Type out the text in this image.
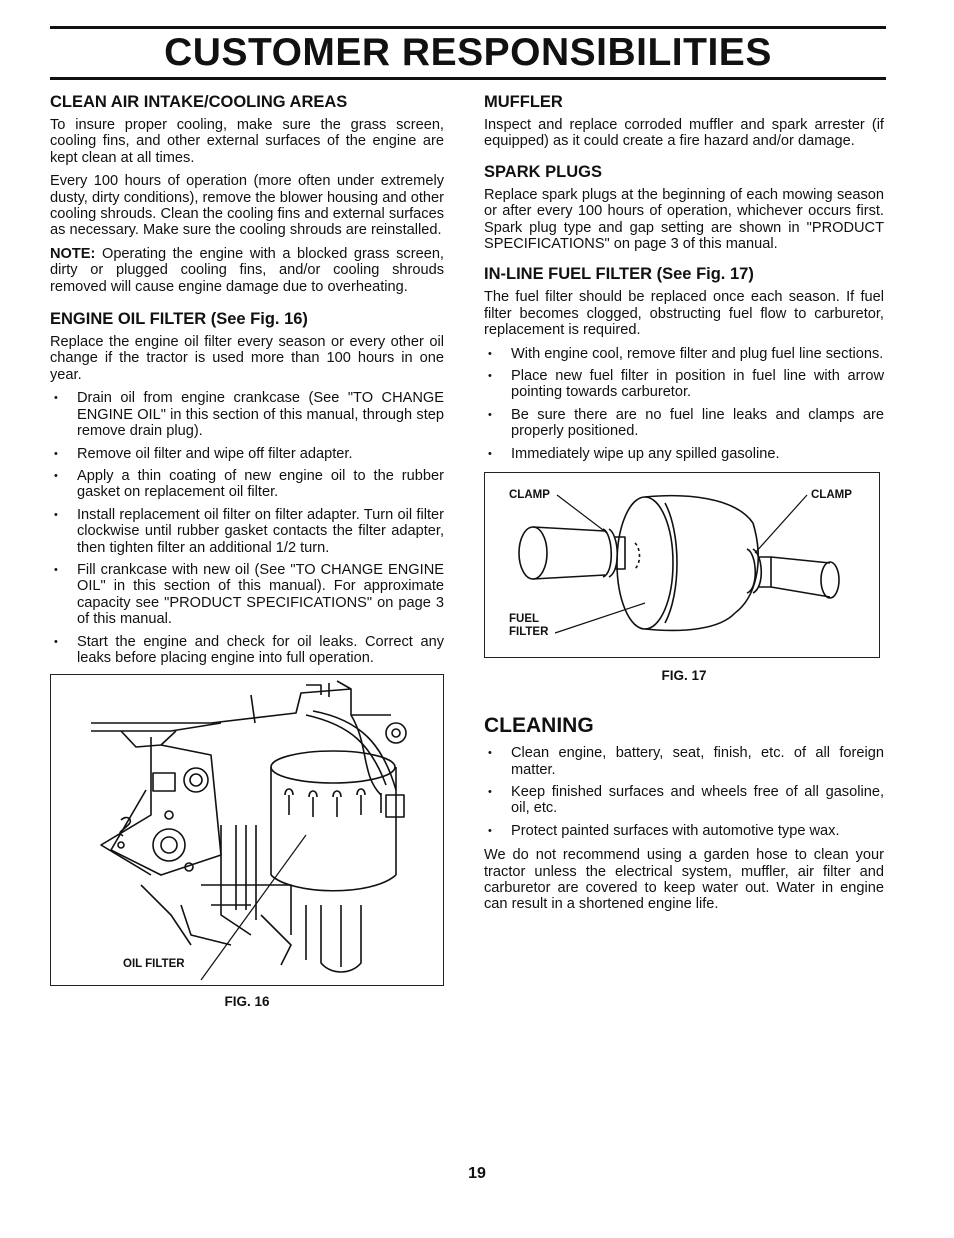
CUSTOMER RESPONSIBILITIES
CLEAN AIR INTAKE/COOLING AREAS

To insure proper cooling, make sure the grass screen, cooling fins, and other external surfaces of the engine are kept clean at all times.

Every 100 hours of operation (more often under extremely dusty, dirty conditions), remove the blower housing and other cooling shrouds. Clean the cooling fins and external surfaces as necessary. Make sure the cooling shrouds are reinstalled.

NOTE: Operating the engine with a blocked grass screen, dirty or plugged cooling fins, and/or cooling shrouds removed will cause engine damage due to overheating.

ENGINE OIL FILTER (See Fig. 16)

Replace the engine oil filter every season or every other oil change if the tractor is used more than 100 hours in one year.

• Drain oil from engine crankcase (See "TO CHANGE ENGINE OIL" in this section of this manual, through step remove drain plug).
• Remove oil filter and wipe off filter adapter.
• Apply a thin coating of new engine oil to the rubber gasket on replacement oil filter.
• Install replacement oil filter on filter adapter. Turn oil filter clockwise until rubber gasket contacts the filter adapter, then tighten filter an additional 1/2 turn.
• Fill crankcase with new oil (See "TO CHANGE ENGINE OIL" in this section of this manual). For approximate capacity see "PRODUCT SPECIFICATIONS" on page 3 of this manual.
• Start the engine and check for oil leaks. Correct any leaks before placing engine into full operation.
OIL FILTER
FIG. 16
MUFFLER

Inspect and replace corroded muffler and spark arrester (if equipped) as it could create a fire hazard and/or damage.

SPARK PLUGS

Replace spark plugs at the beginning of each mowing season or after every 100 hours of operation, whichever occurs first. Spark plug type and gap setting are shown in "PRODUCT SPECIFICATIONS" on page 3 of this manual.

IN-LINE FUEL FILTER (See Fig. 17)

The fuel filter should be replaced once each season. If fuel filter becomes clogged, obstructing fuel flow to carburetor, replacement is required.

• With engine cool, remove filter and plug fuel line sections.
• Place new fuel filter in position in fuel line with arrow pointing towards carburetor.
• Be sure there are no fuel line leaks and clamps are properly positioned.
• Immediately wipe up any spilled gasoline.
CLAMP	CLAMP
FUEL
FILTER
FIG. 17
CLEANING
• Clean engine, battery, seat, finish, etc. of all foreign matter.
• Keep finished surfaces and wheels free of all gasoline, oil, etc.
• Protect painted surfaces with automotive type wax.

We do not recommend using a garden hose to clean your tractor unless the electrical system, muffler, air filter and carburetor are covered to keep water out. Water in engine can result in a shortened engine life.

19
